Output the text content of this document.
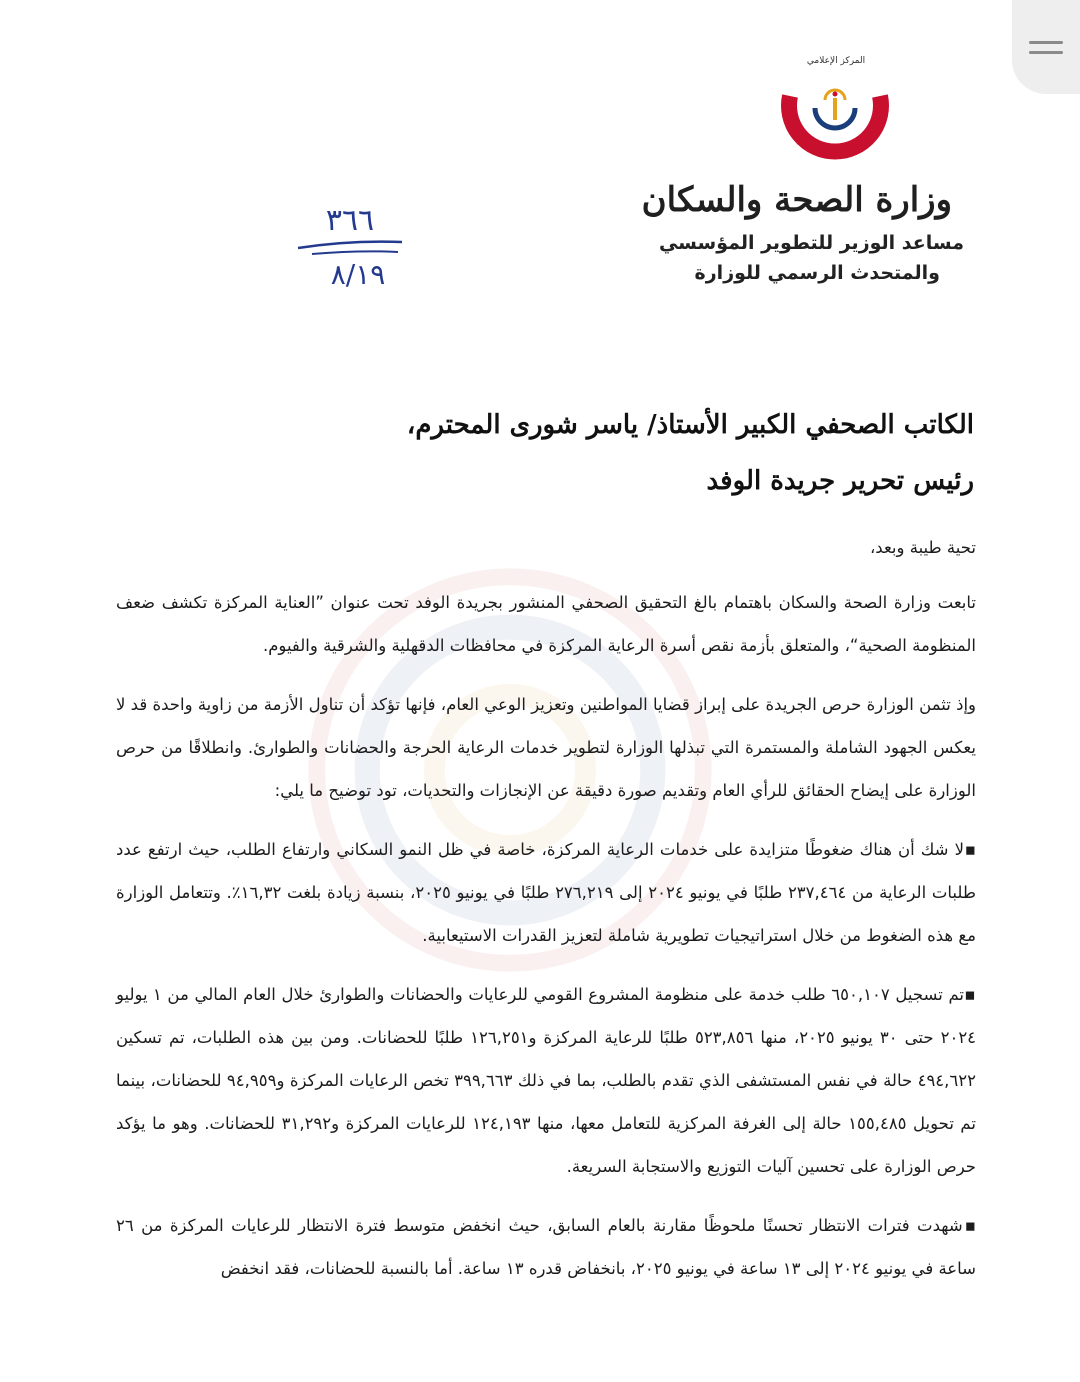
المركز الإعلامي
وزارة الصحة والسكان
مساعد الوزير للتطوير المؤسسي
والمتحدث الرسمي للوزارة
٣٦٦
٨/١٩
الكاتب الصحفي الكبير الأستاذ/ ياسر شورى المحترم،
رئيس تحرير جريدة الوفد

تحية طيبة وبعد،

تابعت وزارة الصحة والسكان باهتمام بالغ التحقيق الصحفي المنشور بجريدة الوفد تحت عنوان ”العناية المركزة تكشف ضعف المنظومة الصحية“، والمتعلق بأزمة نقص أسرة الرعاية المركزة في محافظات الدقهلية والشرقية والفيوم.

وإذ تثمن الوزارة حرص الجريدة على إبراز قضايا المواطنين وتعزيز الوعي العام، فإنها تؤكد أن تناول الأزمة من زاوية واحدة قد لا يعكس الجهود الشاملة والمستمرة التي تبذلها الوزارة لتطوير خدمات الرعاية الحرجة والحضانات والطوارئ. وانطلاقًا من حرص الوزارة على إيضاح الحقائق للرأي العام وتقديم صورة دقيقة عن الإنجازات والتحديات، تود توضيح ما يلي:

▪لا شك أن هناك ضغوطًا متزايدة على خدمات الرعاية المركزة، خاصة في ظل النمو السكاني وارتفاع الطلب، حيث ارتفع عدد طلبات الرعاية من ٢٣٧,٤٦٤ طلبًا في يونيو ٢٠٢٤ إلى ٢٧٦,٢١٩ طلبًا في يونيو ٢٠٢٥، بنسبة زيادة بلغت ١٦,٣٢٪. وتتعامل الوزارة مع هذه الضغوط من خلال استراتيجيات تطويرية شاملة لتعزيز القدرات الاستيعابية.

▪تم تسجيل ٦٥٠,١٠٧ طلب خدمة على منظومة المشروع القومي للرعايات والحضانات والطوارئ خلال العام المالي من ١ يوليو ٢٠٢٤ حتى ٣٠ يونيو ٢٠٢٥، منها ٥٢٣,٨٥٦ طلبًا للرعاية المركزة و١٢٦,٢٥١ طلبًا للحضانات. ومن بين هذه الطلبات، تم تسكين ٤٩٤,٦٢٢ حالة في نفس المستشفى الذي تقدم بالطلب، بما في ذلك ٣٩٩,٦٦٣ تخص الرعايات المركزة و٩٤,٩٥٩ للحضانات، بينما تم تحويل ١٥٥,٤٨٥ حالة إلى الغرفة المركزية للتعامل معها، منها ١٢٤,١٩٣ للرعايات المركزة و٣١,٢٩٢ للحضانات. وهو ما يؤكد حرص الوزارة على تحسين آليات التوزيع والاستجابة السريعة.

▪شهدت فترات الانتظار تحسنًا ملحوظًا مقارنة بالعام السابق، حيث انخفض متوسط فترة الانتظار للرعايات المركزة من ٢٦ ساعة في يونيو ٢٠٢٤ إلى ١٣ ساعة في يونيو ٢٠٢٥، بانخفاض قدره ١٣ ساعة. أما بالنسبة للحضانات، فقد انخفض
